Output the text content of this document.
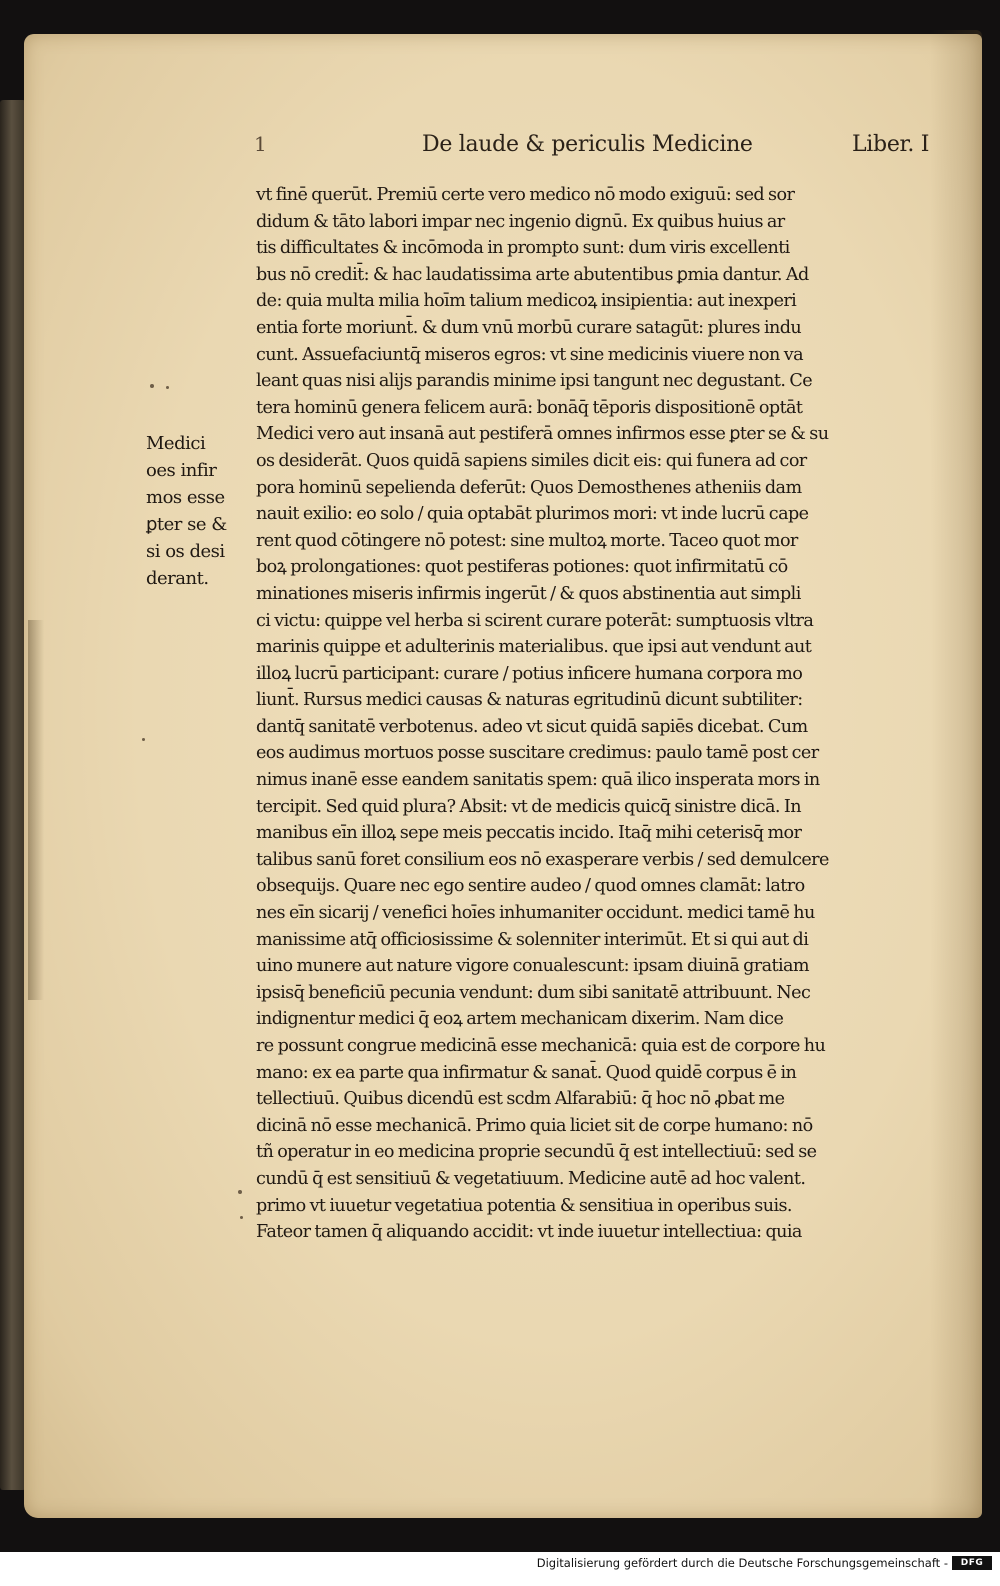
1	De laude & periculis Medicine	Liber. I
Medici
oes infir
mos esse
ꝑter se &
si os desi
derant.
vt finē querūt. Premiū certe vero medico nō modo exiguū: sed sor
didum & tāto labori impar nec ingenio dignū. Ex quibus huius ar
tis difficultates & incōmoda in prompto sunt: dum viris excellenti
bus nō credit̄: & hac laudatissima arte abutentibus ꝑmia dantur. Ad
de: quia multa milia hoīm talium medicoꝝ insipientia: aut inexperi
entia forte moriunt̄. & dum vnū morbū curare satagūt: plures indu
cunt. Assuefaciuntq̄ miseros egros: vt sine medicinis viuere non va
leant quas nisi alijs parandis minime ipsi tangunt nec degustant. Ce
tera hominū genera felicem aurā: bonāq̄ tēporis dispositionē optāt
Medici vero aut insanā aut pestiferā omnes infirmos esse ꝑter se & su
os desiderāt. Quos quidā sapiens similes dicit eis: qui funera ad cor
pora hominū sepelienda deferūt: Quos Demosthenes atheniis dam
nauit exilio: eo solo / quia optabāt plurimos mori: vt inde lucrū cape
rent quod cōtingere nō potest: sine multoꝝ morte. Taceo quot mor
boꝝ prolongationes: quot pestiferas potiones: quot infirmitatū cō
minationes miseris infirmis ingerūt / & quos abstinentia aut simpli
ci victu: quippe vel herba si scirent curare poterāt: sumptuosis vltra
marinis quippe et adulterinis materialibus. que ipsi aut vendunt aut
illoꝝ lucrū participant: curare / potius inficere humana corpora mo
liunt̄. Rursus medici causas & naturas egritudinū dicunt subtiliter:
dantq̄ sanitatē verbotenus. adeo vt sicut quidā sapiēs dicebat. Cum
eos audimus mortuos posse suscitare credimus: paulo tamē post cer
nimus inanē esse eandem sanitatis spem: quā ilico insperata mors in
tercipit. Sed quid plura? Absit: vt de medicis quicq̄ sinistre dicā. In
manibus eīn illoꝝ sepe meis peccatis incido. Itaq̄ mihi ceterisq̄ mor
talibus sanū foret consilium eos nō exasperare verbis / sed demulcere
obsequijs. Quare nec ego sentire audeo / quod omnes clamāt: latro
nes eīn sicarij / venefici hoīes inhumaniter occidunt. medici tamē hu
manissime atq̄ officiosissime & solenniter interimūt. Et si qui aut di
uino munere aut nature vigore conualescunt: ipsam diuinā gratiam
ipsisq̄ beneficiū pecunia vendunt: dum sibi sanitatē attribuunt. Nec
indignentur medici q̄ eoꝝ artem mechanicam dixerim. Nam dice
re possunt congrue medicinā esse mechanicā: quia est de corpore hu
mano: ex ea parte qua infirmatur & sanat̄. Quod quidē corpus ē in
tellectiuū. Quibus dicendū est scdm Alfarabiū: q̄ hoc nō ꝓbat me
dicinā nō esse mechanicā. Primo quia liciet sit de corpe humano: nō
tñ operatur in eo medicina proprie secundū q̄ est intellectiuū: sed se
cundū q̄ est sensitiuū & vegetatiuum. Medicine autē ad hoc valent.
primo vt iuuetur vegetatiua potentia & sensitiua in operibus suis.
Fateor tamen q̄ aliquando accidit: vt inde iuuetur intellectiua: quia
Digitalisierung gefördert durch die Deutsche Forschungsgemeinschaft -	DFG
